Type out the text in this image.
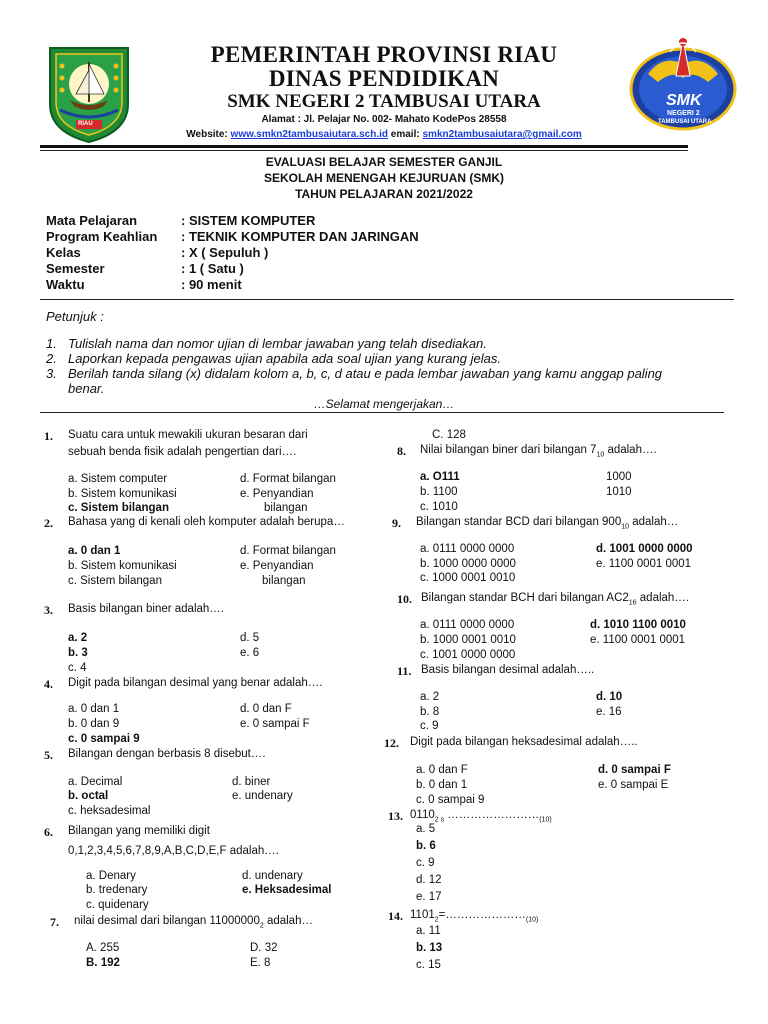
RIAU
SMK
NEGERI 2
TAMBUSAI UTARA
PEMERINTAH PROVINSI RIAU
DINAS PENDIDIKAN
SMK NEGERI 2 TAMBUSAI UTARA
Alamat : Jl. Pelajar No. 002- Mahato KodePos 28558
Website: www.smkn2tambusaiutara.sch.id email: smkn2tambusaiutara@gmail.com
EVALUASI BELAJAR SEMESTER GANJIL
SEKOLAH MENENGAH KEJURUAN (SMK)
TAHUN PELAJARAN 2021/2022
Mata Pelajaran	: SISTEM KOMPUTER
Program Keahlian : TEKNIK KOMPUTER DAN JARINGAN
Kelas	: X ( Sepuluh )
Semester	: 1 ( Satu )
Waktu	: 90 menit
Petunjuk :
1. Tulislah nama dan nomor ujian di lembar jawaban yang telah disediakan.
2. Laporkan kepada pengawas ujian apabila ada soal ujian yang kurang jelas.
3. Berilah tanda silang (x) didalam kolom a, b, c, d atau e pada lembar jawaban yang kamu anggap paling
benar.
…Selamat mengerjakan…
1. Suatu cara untuk mewakili ukuran besaran dari
sebuah benda fisik adalah pengertian dari….
a. Sistem computer	d. Format bilangan
b. Sistem komunikasi	e. Penyandian
c. Sistem bilangan	bilangan
2. Bahasa yang di kenali oleh komputer adalah berupa…
a. 0 dan 1	d. Format bilangan
b. Sistem komunikasi	e. Penyandian
c. Sistem bilangan	bilangan
3. Basis bilangan biner adalah….
a. 2	d. 5
b. 3	e. 6
c. 4
4. Digit pada bilangan desimal yang benar adalah….
a. 0 dan 1	d. 0 dan F
b. 0 dan 9	e. 0 sampai F
c. 0 sampai 9
5. Bilangan dengan berbasis 8 disebut….
a. Decimal	d. biner
b. octal	e. undenary
c. heksadesimal
6. Bilangan yang memiliki digit
0,1,2,3,4,5,6,7,8,9,A,B,C,D,E,F adalah….
a. Denary	d. undenary
b. tredenary	e. Heksadesimal
c. quidenary
7. nilai desimal dari bilangan $11000000_2$ adalah…
A. 255	D. 32
B. 192	E. 8
C. 128
8. Nilai bilangan biner dari bilangan $7_{10}$ adalah….
a. O111	1000
b. 1100	1010
c. 1010
9. Bilangan standar BCD dari bilangan $900_{10}$ adalah…
a. 0111 0000 0000	d. 1001 0000 0000
b. 1000 0000 0000	e. 1100 0001 0001
c. 1000 0001 0010
10. Bilangan standar BCH dari bilangan $AC2_{16}$ adalah….
a. 0111 0000 0000	d. 1010 1100 0010
b. 1000 0001 0010	e. 1100 0001 0001
c. 1001 0000 0000
11. Basis bilangan desimal adalah…..
a. 2	d. 10
b. 8	e. 16
c. 9
12. Digit pada bilangan heksadesimal adalah…..
a. 0 dan F	d. 0 sampai F
b. 0 dan 1	e. 0 sampai E
c. 0 sampai 9
13. $0110_{2 s}$ $\dots\dots\dots\dots\dots\dots\dots\dots_{(10)}$
a. 5
b. 6
c. 9
d. 12
e. 17
14. $1101_2=\dots\dots\dots\dots\dots\dots\dots_{(10)}$
a. 11
b. 13
c. 15
